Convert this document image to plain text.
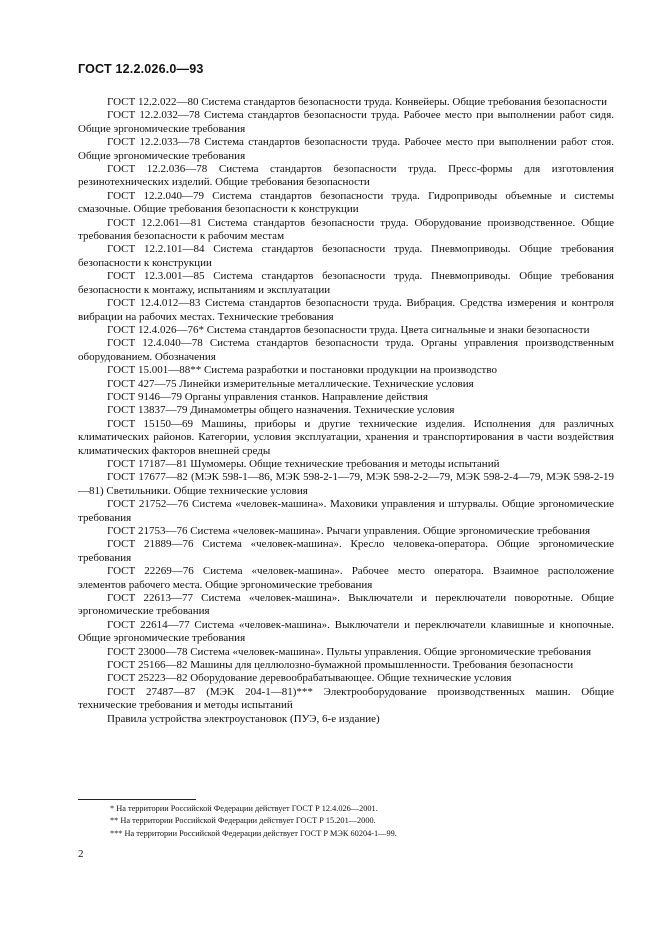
ГОСТ 12.2.026.0—93
ГОСТ 12.2.022—80 Система стандартов безопасности труда. Конвейеры. Общие требования безопасности
ГОСТ 12.2.032—78 Система стандартов безопасности труда. Рабочее место при выполнении работ сидя. Общие эргономические требования
ГОСТ 12.2.033—78 Система стандартов безопасности труда. Рабочее место при выполнении работ стоя. Общие эргономические требования
ГОСТ 12.2.036—78 Система стандартов безопасности труда. Пресс-формы для изготовления резинотехнических изделий. Общие требования безопасности
ГОСТ 12.2.040—79 Система стандартов безопасности труда. Гидроприводы объемные и системы смазочные. Общие требования безопасности к конструкции
ГОСТ 12.2.061—81 Система стандартов безопасности труда. Оборудование производственное. Общие требования безопасности к рабочим местам
ГОСТ 12.2.101—84 Система стандартов безопасности труда. Пневмоприводы. Общие требования безопасности к конструкции
ГОСТ 12.3.001—85 Система стандартов безопасности труда. Пневмоприводы. Общие требования безопасности к монтажу, испытаниям и эксплуатации
ГОСТ 12.4.012—83 Система стандартов безопасности труда. Вибрация. Средства измерения и контроля вибрации на рабочих местах. Технические требования
ГОСТ 12.4.026—76* Система стандартов безопасности труда. Цвета сигнальные и знаки безопасности
ГОСТ 12.4.040—78 Система стандартов безопасности труда. Органы управления производственным оборудованием. Обозначения
ГОСТ 15.001—88** Система разработки и постановки продукции на производство
ГОСТ 427—75 Линейки измерительные металлические. Технические условия
ГОСТ 9146—79 Органы управления станков. Направление действия
ГОСТ 13837—79 Динамометры общего назначения. Технические условия
ГОСТ 15150—69 Машины, приборы и другие технические изделия. Исполнения для различных климатических районов. Категории, условия эксплуатации, хранения и транспортирования в части воздействия климатических факторов внешней среды
ГОСТ 17187—81 Шумомеры. Общие технические требования и методы испытаний
ГОСТ 17677—82 (МЭК 598-1—86, МЭК 598-2-1—79, МЭК 598-2-2—79, МЭК 598-2-4—79, МЭК 598-2-19—81) Светильники. Общие технические условия
ГОСТ 21752—76 Система «человек-машина». Маховики управления и штурвалы. Общие эргономические требования
ГОСТ 21753—76 Система «человек-машина». Рычаги управления. Общие эргономические требования
ГОСТ 21889—76 Система «человек-машина». Кресло человека-оператора. Общие эргономические требования
ГОСТ 22269—76 Система «человек-машина». Рабочее место оператора. Взаимное расположение элементов рабочего места. Общие эргономические требования
ГОСТ 22613—77 Система «человек-машина». Выключатели и переключатели поворотные. Общие эргономические требования
ГОСТ 22614—77 Система «человек-машина». Выключатели и переключатели клавишные и кнопочные. Общие эргономические требования
ГОСТ 23000—78 Система «человек-машина». Пульты управления. Общие эргономические требования
ГОСТ 25166—82 Машины для целлюлозно-бумажной промышленности. Требования безопасности
ГОСТ 25223—82 Оборудование деревообрабатывающее. Общие технические условия
ГОСТ 27487—87 (МЭК 204-1—81)*** Электрооборудование производственных машин. Общие технические требования и методы испытаний
Правила устройства электроустановок (ПУЭ, 6-е издание)
* На территории Российской Федерации действует ГОСТ Р 12.4.026—2001.
** На территории Российской Федерации действует ГОСТ Р 15.201—2000.
*** На территории Российской Федерации действует ГОСТ Р МЭК 60204-1—99.
2
